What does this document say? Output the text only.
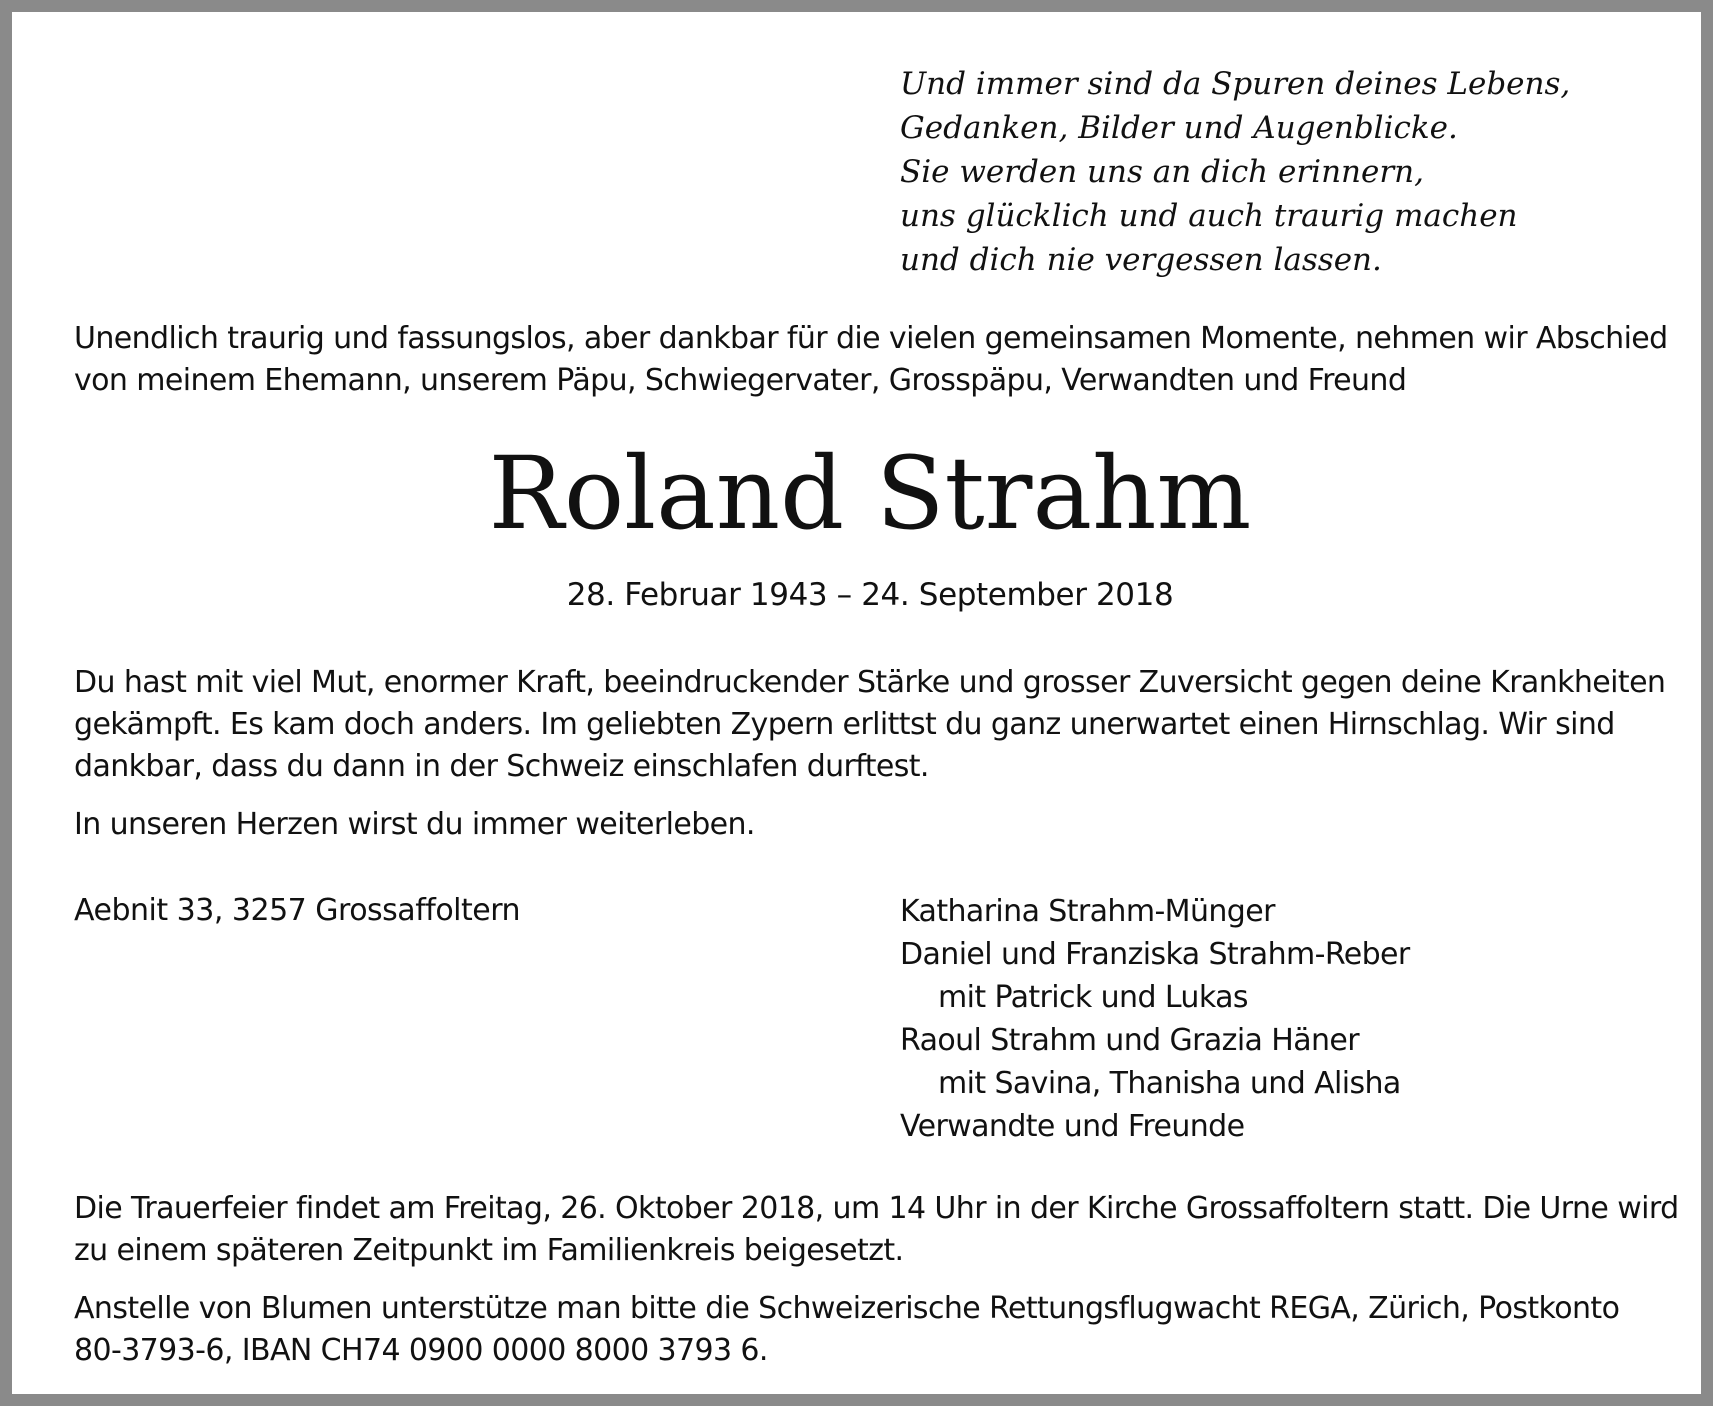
Und immer sind da Spuren deines Lebens,
Gedanken, Bilder und Augenblicke.
Sie werden uns an dich erinnern,
uns glücklich und auch traurig machen
und dich nie vergessen lassen.
Unendlich traurig und fassungslos, aber dankbar für die vielen gemeinsamen Momente, nehmen wir Abschied
von meinem Ehemann, unserem Päpu, Schwiegervater, Grosspäpu, Verwandten und Freund
Roland Strahm
28. Februar 1943 – 24. September 2018
Du hast mit viel Mut, enormer Kraft, beeindruckender Stärke und grosser Zuversicht gegen deine Krankheiten
gekämpft. Es kam doch anders. Im geliebten Zypern erlittst du ganz unerwartet einen Hirnschlag. Wir sind
dankbar, dass du dann in der Schweiz einschlafen durftest.
In unseren Herzen wirst du immer weiterleben.
Aebnit 33, 3257 Grossaffoltern	Katharina Strahm-Münger
Daniel und Franziska Strahm-Reber
mit Patrick und Lukas
Raoul Strahm und Grazia Häner
mit Savina, Thanisha und Alisha
Verwandte und Freunde
Die Trauerfeier findet am Freitag, 26. Oktober 2018, um 14 Uhr in der Kirche Grossaffoltern statt. Die Urne wird
zu einem späteren Zeitpunkt im Familienkreis beigesetzt.
Anstelle von Blumen unterstütze man bitte die Schweizerische Rettungsflugwacht REGA, Zürich, Postkonto
80-3793-6, IBAN CH74 0900 0000 8000 3793 6.
